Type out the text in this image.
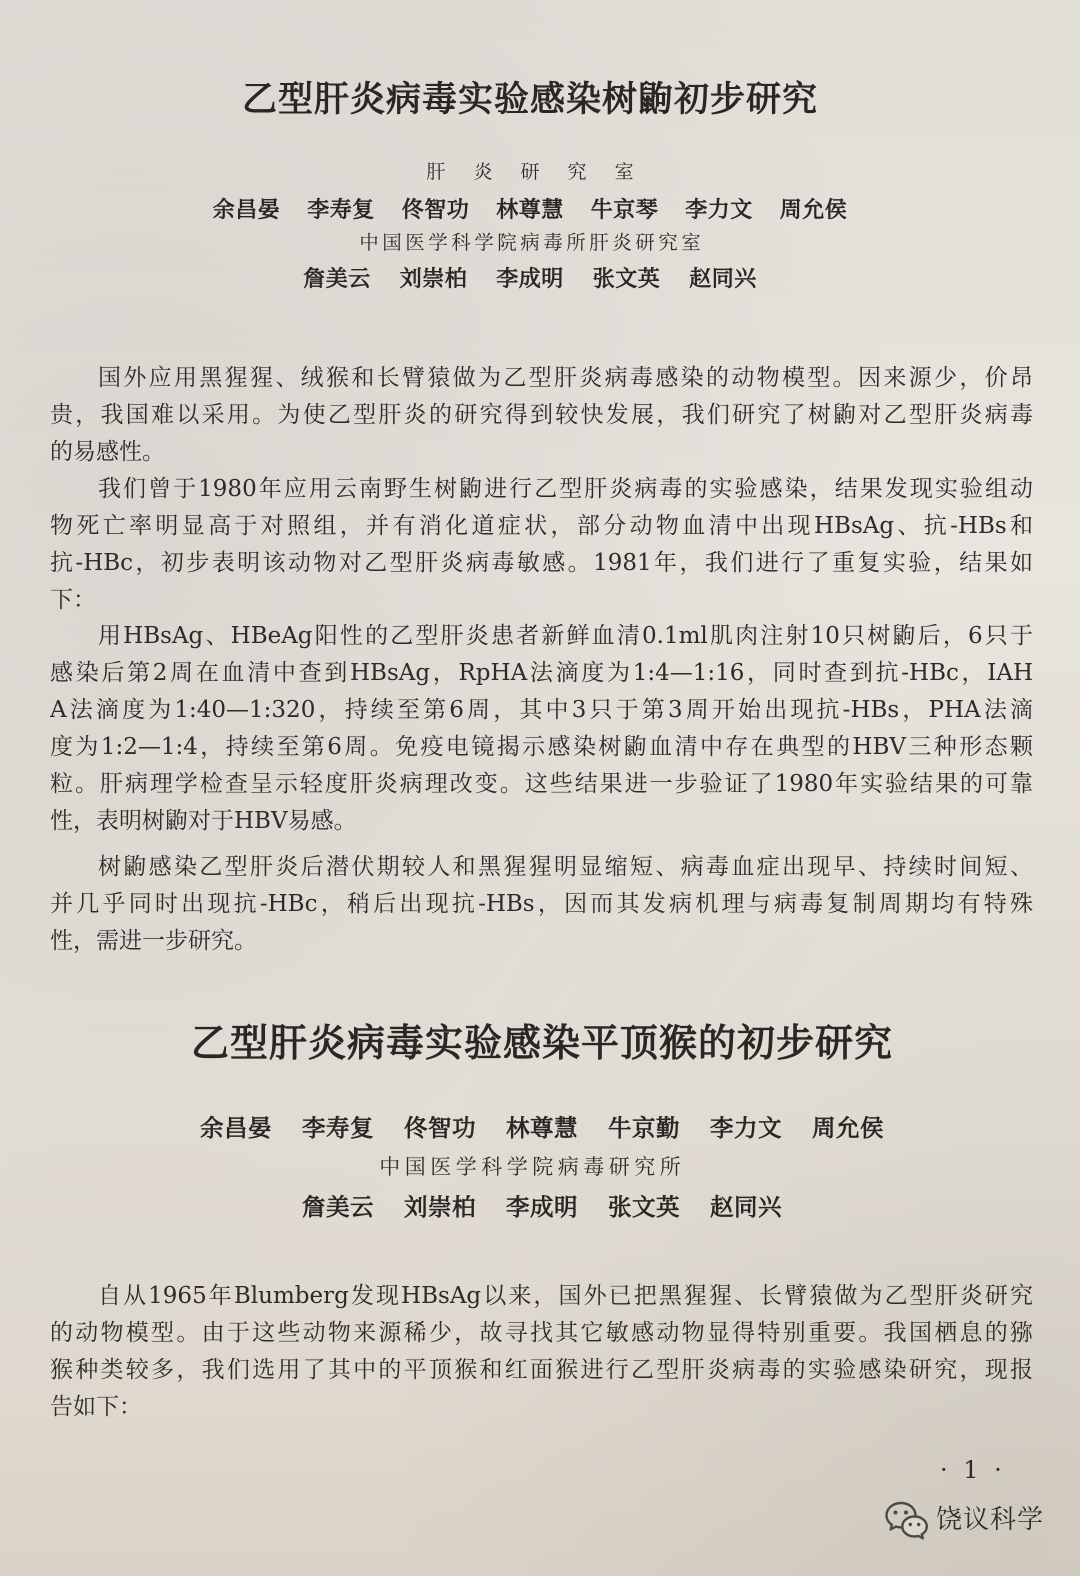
乙型肝炎病毒实验感染树鼩初步研究
肝 炎 研 究 室
余昌晏 李寿复 佟智功 林尊慧 牛京琴 李力文 周允侯
中国医学科学院病毒所肝炎研究室
詹美云 刘崇柏 李成明 张文英 赵同兴
国外应用黑猩猩、绒猴和长臂猿做为乙型肝炎病毒感染的动物模型。因来源少，价昂
贵，我国难以采用。为使乙型肝炎的研究得到较快发展，我们研究了树鼩对乙型肝炎病毒
的易感性。
我们曾于1980年应用云南野生树鼩进行乙型肝炎病毒的实验感染，结果发现实验组动
物死亡率明显高于对照组，并有消化道症状，部分动物血清中出现HBsAg、抗-HBs和
抗-HBc，初步表明该动物对乙型肝炎病毒敏感。1981年，我们进行了重复实验，结果如
下：
用HBsAg、HBeAg阳性的乙型肝炎患者新鲜血清0.1ml肌肉注射10只树鼩后，6只于
感染后第2周在血清中查到HBsAg，RpHA法滴度为1:4—1:16，同时查到抗-HBc，IAH
A法滴度为1:40—1:320，持续至第6周，其中3只于第3周开始出现抗-HBs，PHA法滴
度为1:2—1:4，持续至第6周。免疫电镜揭示感染树鼩血清中存在典型的HBV三种形态颗
粒。肝病理学检查呈示轻度肝炎病理改变。这些结果进一步验证了1980年实验结果的可靠
性，表明树鼩对于HBV易感。
树鼩感染乙型肝炎后潜伏期较人和黑猩猩明显缩短、病毒血症出现早、持续时间短、
并几乎同时出现抗-HBc，稍后出现抗-HBs，因而其发病机理与病毒复制周期均有特殊
性，需进一步研究。
乙型肝炎病毒实验感染平顶猴的初步研究
余昌晏 李寿复 佟智功 林尊慧 牛京勤 李力文 周允侯
中国医学科学院病毒研究所
詹美云 刘崇柏 李成明 张文英 赵同兴
自从1965年Blumberg发现HBsAg以来，国外已把黑猩猩、长臂猿做为乙型肝炎研究
的动物模型。由于这些动物来源稀少，故寻找其它敏感动物显得特别重要。我国栖息的猕
猴种类较多，我们选用了其中的平顶猴和红面猴进行乙型肝炎病毒的实验感染研究，现报
告如下：
· 1 ·
饶议科学
